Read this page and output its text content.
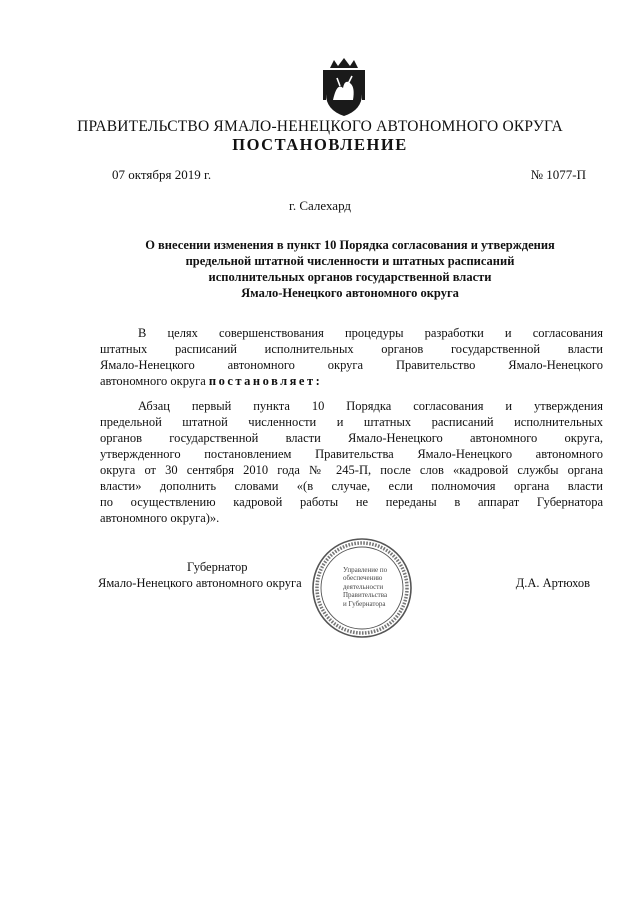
ПРАВИТЕЛЬСТВО ЯМАЛО-НЕНЕЦКОГО АВТОНОМНОГО ОКРУГА
ПОСТАНОВЛЕНИЕ
07 октября 2019 г.	№ 1077-П
г. Салехард
О внесении изменения в пункт 10 Порядка согласования и утверждения
предельной штатной численности и штатных расписаний
исполнительных органов государственной власти
Ямало-Ненецкого автономного округа
В целях совершенствования процедуры разработки и согласования
штатных расписаний исполнительных органов государственной власти
Ямало-Ненецкого автономного округа Правительство Ямало-Ненецкого
автономного округа постановляет:
Абзац первый пункта 10 Порядка согласования и утверждения
предельной штатной численности и штатных расписаний исполнительных
органов государственной власти Ямало-Ненецкого автономного округа,
утвержденного постановлением Правительства Ямало-Ненецкого автономного
округа от 30 сентября 2010 года № 245-П, после слов «кадровой службы органа
власти» дополнить словами «(в случае, если полномочия органа власти
по осуществлению кадровой работы не переданы в аппарат Губернатора
автономного округа)».
Губернатор
Ямало-Ненецкого автономного округа	Д.А. Артюхов
Управление по
обеспечению
деятельности
Правительства
и Губернатора
